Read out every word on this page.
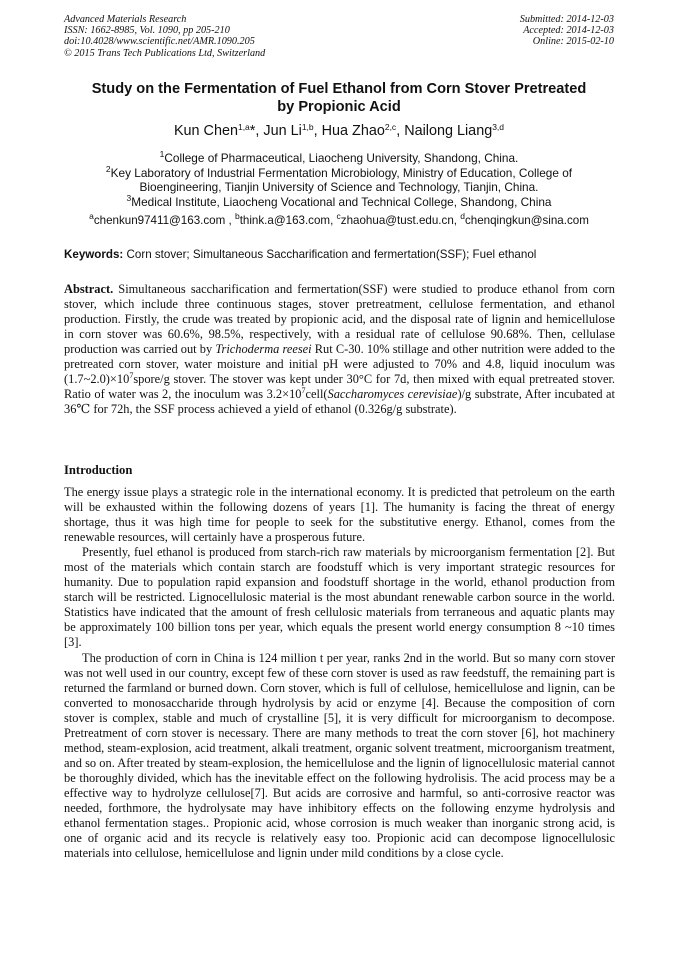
Advanced Materials Research
ISSN: 1662-8985, Vol. 1090, pp 205-210
doi:10.4028/www.scientific.net/AMR.1090.205
© 2015 Trans Tech Publications Ltd, Switzerland
Submitted: 2014-12-03
Accepted: 2014-12-03
Online: 2015-02-10
Study on the Fermentation of Fuel Ethanol from Corn Stover Pretreated
by Propionic Acid
Kun Chen$^{1,a}$*, Jun Li$^{1,b}$, Hua Zhao$^{2,c}$, Nailong Liang$^{3,d}$
$^1$College of Pharmaceutical, Liaocheng University, Shandong, China.
$^2$Key Laboratory of Industrial Fermentation Microbiology, Ministry of Education, College of
Bioengineering, Tianjin University of Science and Technology, Tianjin, China.
$^3$Medical Institute, Liaocheng Vocational and Technical College, Shandong, China
$^a$chenkun97411@163.com , $^b$think.a@163.com, $^c$zhaohua@tust.edu.cn, $^d$chenqingkun@sina.com
Keywords: Corn stover; Simultaneous Saccharification and fermertation(SSF); Fuel ethanol
Abstract. Simultaneous saccharification and fermertation(SSF) were studied to produce ethanol from corn stover, which include three continuous stages, stover pretreatment, cellulose fermentation, and ethanol production. Firstly, the crude was treated by propionic acid, and the disposal rate of lignin and hemicellulose in corn stover was 60.6%, 98.5%, respectively, with a residual rate of cellulose 90.68%. Then, cellulase production was carried out by Trichoderma reesei Rut C-30. 10% stillage and other nutrition were added to the pretreated corn stover, water moisture and initial pH were adjusted to 70% and 4.8, liquid inoculum was $(1.7\sim 2.0)\times 10^7spore/g$ stover. The stover was kept under 30°C for 7d, then mixed with equal pretreated stover. Ratio of water was 2, the inoculum was $3.2\times 10^7cell(Saccharomyces$ cerevisiae)/g substrate, After incubated at 36℃ for 72h, the SSF process achieved a yield of ethanol (0.326g/g substrate).
Introduction

The energy issue plays a strategic role in the international economy. It is predicted that petroleum on the earth will be exhausted within the following dozens of years [1]. The humanity is facing the threat of energy shortage, thus it was high time for people to seek for the substitutive energy. Ethanol, comes from the renewable resources, will certainly have a prosperous future.

Presently, fuel ethanol is produced from starch-rich raw materials by microorganism fermentation [2]. But most of the materials which contain starch are foodstuff which is very important strategic resources for humanity. Due to population rapid expansion and foodstuff shortage in the world, ethanol production from starch will be restricted. Lignocellulosic material is the most abundant renewable carbon source in the world. Statistics have indicated that the amount of fresh cellulosic materials from terraneous and aquatic plants may be approximately 100 billion tons per year, which equals the present world energy consumption 8 ~10 times [3].

The production of corn in China is 124 million t per year, ranks 2nd in the world. But so many corn stover was not well used in our country, except few of these corn stover is used as raw feedstuff, the remaining part is returned the farmland or burned down. Corn stover, which is full of cellulose, hemicellulose and lignin, can be converted to monosaccharide through hydrolysis by acid or enzyme [4]. Because the composition of corn stover is complex, stable and much of crystalline [5], it is very difficult for microorganism to decompose. Pretreatment of corn stover is necessary. There are many methods to treat the corn stover [6], hot machinery method, steam-explosion, acid treatment, alkali treatment, organic solvent treatment, microorganism treatment, and so on. After treated by steam-explosion, the hemicellulose and the lignin of lignocellulosic material cannot be thoroughly divided, which has the inevitable effect on the following hydrolisis. The acid process may be a effective way to hydrolyze cellulose[7]. But acids are corrosive and harmful, so anti-corrosive reactor was needed, forthmore, the hydrolysate may have inhibitory effects on the following enzyme hydrolysis and ethanol fermentation stages.. Propionic acid, whose corrosion is much weaker than inorganic strong acid, is one of organic acid and its recycle is relatively easy too. Propionic acid can decompose lignocellulosic materials into cellulose, hemicellulose and lignin under mild conditions by a close cycle.
